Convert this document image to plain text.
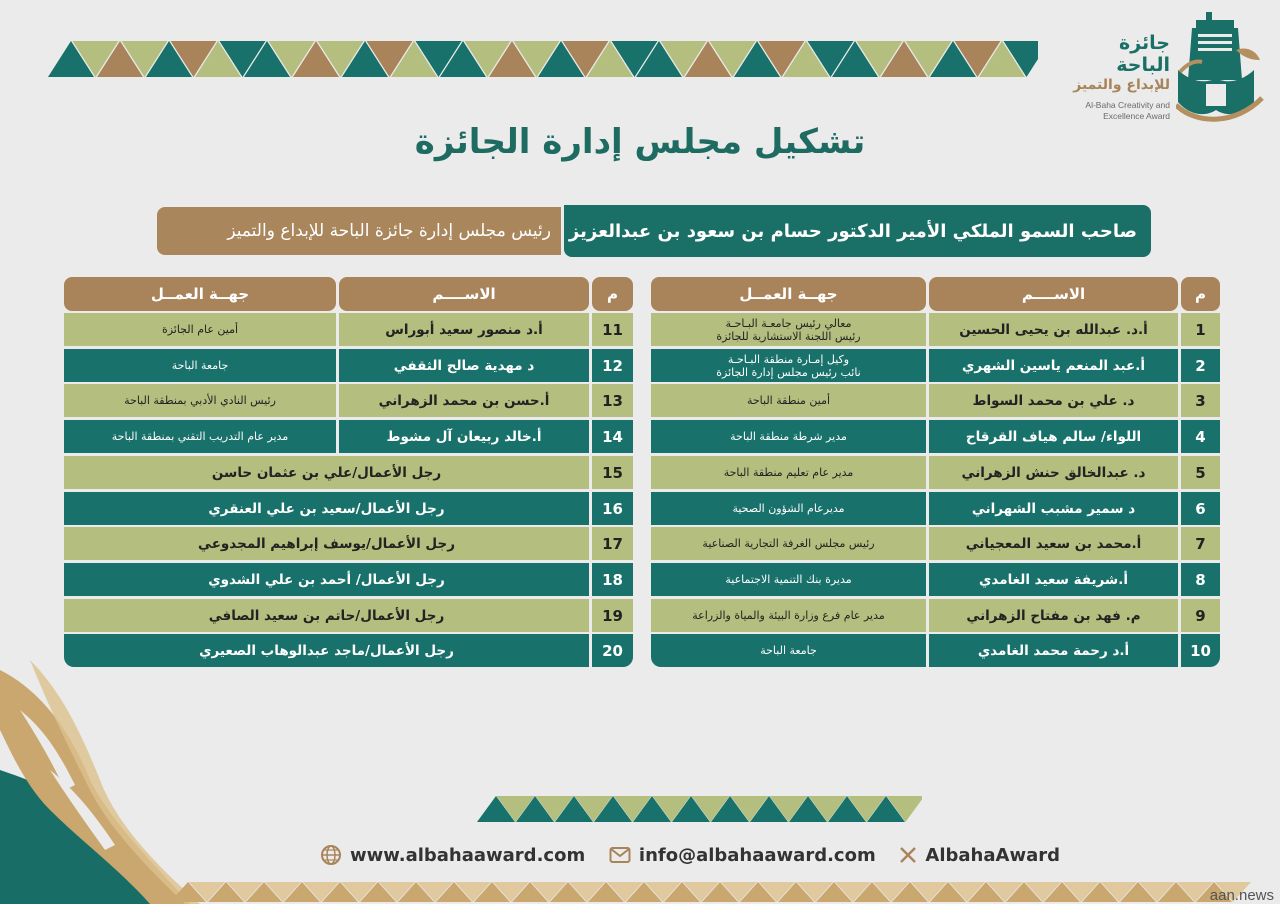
جائزة الباحة
للإبداع والتميز
Al-Baha Creativity and
Excellence Award
تشكيل مجلس إدارة الجائزة
صاحب السمو الملكي الأمير الدكتور حسام بن سعود بن عبدالعزيز
رئيس مجلس إدارة جائزة الباحة للإبداع والتميز
جهــة العمــل	الاســــم	م
معالي رئيس جامعـة البـاحـة
رئيس اللجنة الاستشارية للجائزة	أ.د. عبدالله بن يحيى الحسين	1
وكيل إمـارة منطقة البـاحـة
نائب رئيس مجلس إدارة الجائزة	أ.عبد المنعم ياسين الشهري	2
أمين منطقة الباحة	د. علي بن محمد السواط	3
مدير شرطة منطقة الباحة	اللواء/ سالم هياف القرقاح	4
مدير عام تعليم منطقة الباحة	د. عبدالخالق حنش الزهراني	5
مديرعام الشؤون الصحية	د سمير مشبب الشهراني	6
رئيس مجلس الغرفة التجارية الصناعية	أ.محمد بن سعيد المعجياني	7
مديرة بنك التنمية الاجتماعية	أ.شريفة سعيد الغامدي	8
مدير عام فرع وزارة البيئة والمياة والزراعة	م. فهد بن مفتاح الزهراني	9
جامعة الباحة	أ.د رحمة محمد الغامدي	10
جهــة العمــل	الاســــم	م
أمين عام الجائزة	أ.د منصور سعيد أبوراس	11
جامعة الباحة	د مهدية صالح الثقفي	12
رئيس النادي الأدبي بمنطقة الباحة	أ.حسن بن محمد الزهراني	13
مدير عام التدريب التقني بمنطقة الباحة	أ.خالد ربيعان آل مشوط	14
رجل الأعمال/علي بن عثمان حاسن	15
رجل الأعمال/سعيد بن علي العنقري	16
رجل الأعمال/يوسف إبراهيم المجدوعي	17
رجل الأعمال/ أحمد بن علي الشدوي	18
رجل الأعمال/حاتم بن سعيد الصافي	19
رجل الأعمال/ماجد عبدالوهاب الصعيري	20
www.albahaaward.com	info@albahaaward.com	AlbahaAward
aan.news
